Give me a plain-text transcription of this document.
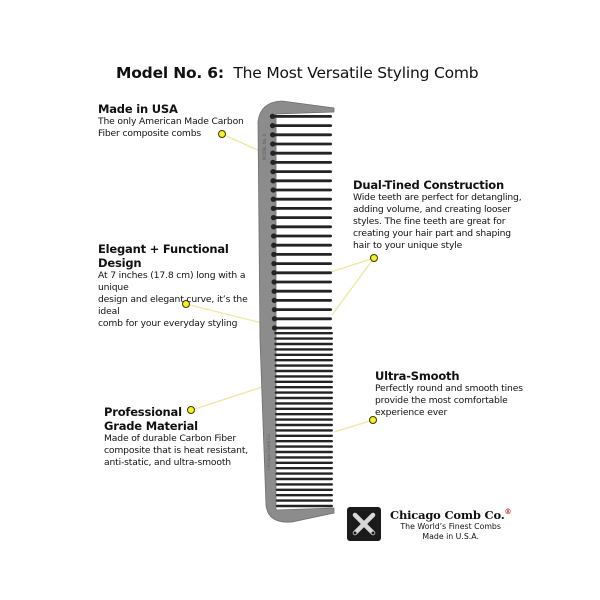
Model No. 6: The Most Versatile Styling Comb
MODEL No. 6
Chicago Comb Co.
Made in USA

The only American Made Carbon

Fiber composite combs

Dual-Tined Construction

Wide teeth are perfect for detangling,

adding volume, and creating looser

styles. The fine teeth are great for

creating your hair part and shaping

hair to your unique style

Elegant + Functional Design

At 7 inches (17.8 cm) long with a unique

design and elegant curve, it’s the ideal

comb for your everyday styling

Ultra-Smooth

Perfectly round and smooth tines

provide the most comfortable

experience ever

Professional
Grade Material

Made of durable Carbon Fiber

composite that is heat resistant,

anti-static, and ultra-smooth

Chicago Comb Co.®
The World’s Finest Combs
Made in U.S.A.
